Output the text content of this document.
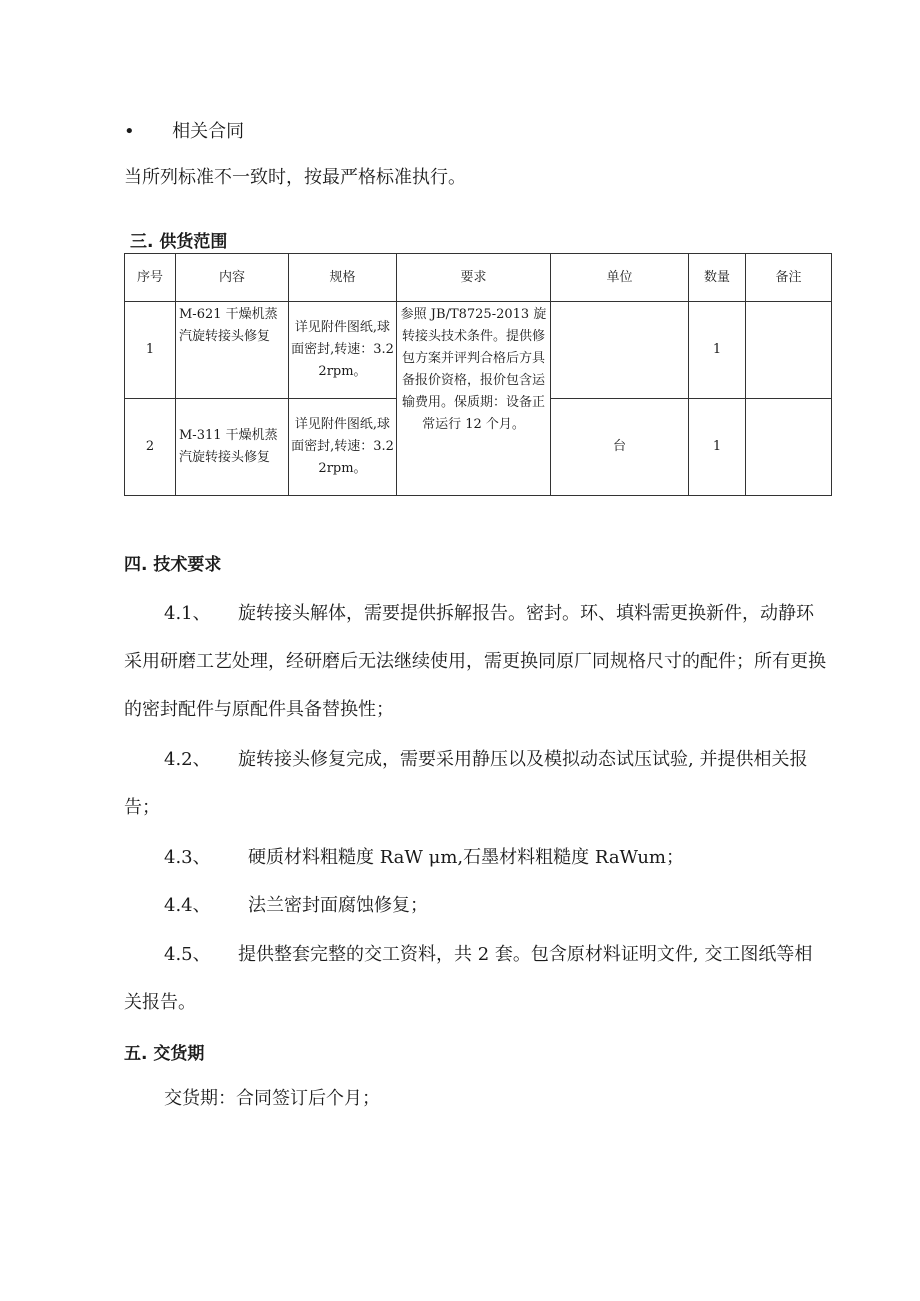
• 相关合同
当所列标准不一致时，按最严格标准执行。
三. 供货范围
序号	内容	规格	要求	单位	数量	备注
1	M-621 干燥机蒸汽旋转接头修复	详见附件图纸,球面密封,转速：3.22rpm。	参照 JB/T8725-2013 旋转接头技术条件。提供修包方案并评判合格后方具备报价资格，报价包含运输费用。保质期：设备正常运行 12 个月。		1	
2	M-311 干燥机蒸汽旋转接头修复	详见附件图纸,球面密封,转速：3.22rpm。		台	1	
四. 技术要求
4.1、 旋转接头解体，需要提供拆解报告。密封。环、填料需更换新件，动静环采用研磨工艺处理，经研磨后无法继续使用，需更换同原厂同规格尺寸的配件；所有更换的密封配件与原配件具备替换性；
4.2、 旋转接头修复完成，需要采用静压以及模拟动态试压试验, 并提供相关报告；
4.3、 硬质材料粗糙度 RaW μm,石墨材料粗糙度 RaWum；
4.4、 法兰密封面腐蚀修复；
4.5、 提供整套完整的交工资料，共 2 套。包含原材料证明文件, 交工图纸等相关报告。
五. 交货期
交货期：合同签订后个月；
